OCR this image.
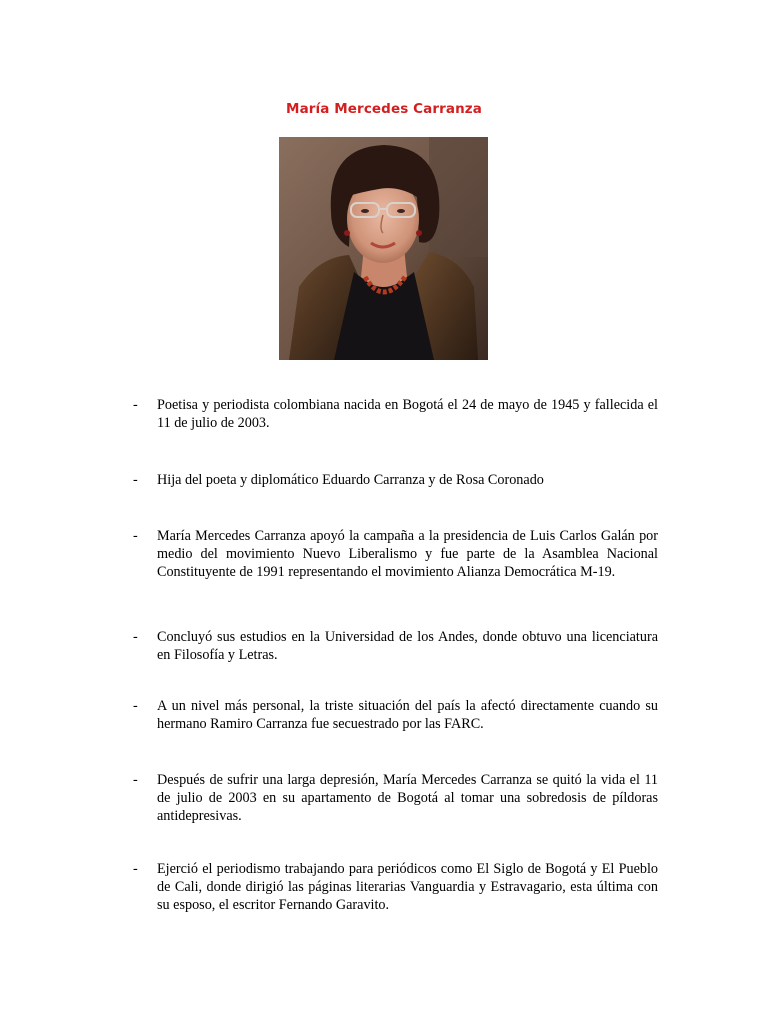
María Mercedes Carranza
- Poetisa y periodista colombiana nacida en Bogotá el 24 de mayo de 1945 y fallecida el 11 de julio de 2003.
- Hija del poeta y diplomático Eduardo Carranza y de Rosa Coronado
- María Mercedes Carranza apoyó la campaña a la presidencia de Luis Carlos Galán por medio del movimiento Nuevo Liberalismo y fue parte de la Asamblea Nacional Constituyente de 1991 representando el movimiento Alianza Democrática M-19.
- Concluyó sus estudios en la Universidad de los Andes, donde obtuvo una licenciatura en Filosofía y Letras.
- A un nivel más personal, la triste situación del país la afectó directamente cuando su hermano Ramiro Carranza fue secuestrado por las FARC.
- Después de sufrir una larga depresión, María Mercedes Carranza se quitó la vida el 11 de julio de 2003 en su apartamento de Bogotá al tomar una sobredosis de píldoras antidepresivas.
- Ejerció el periodismo trabajando para periódicos como El Siglo de Bogotá y El Pueblo de Cali, donde dirigió las páginas literarias Vanguardia y Estravagario, esta última con su esposo, el escritor Fernando Garavito.
